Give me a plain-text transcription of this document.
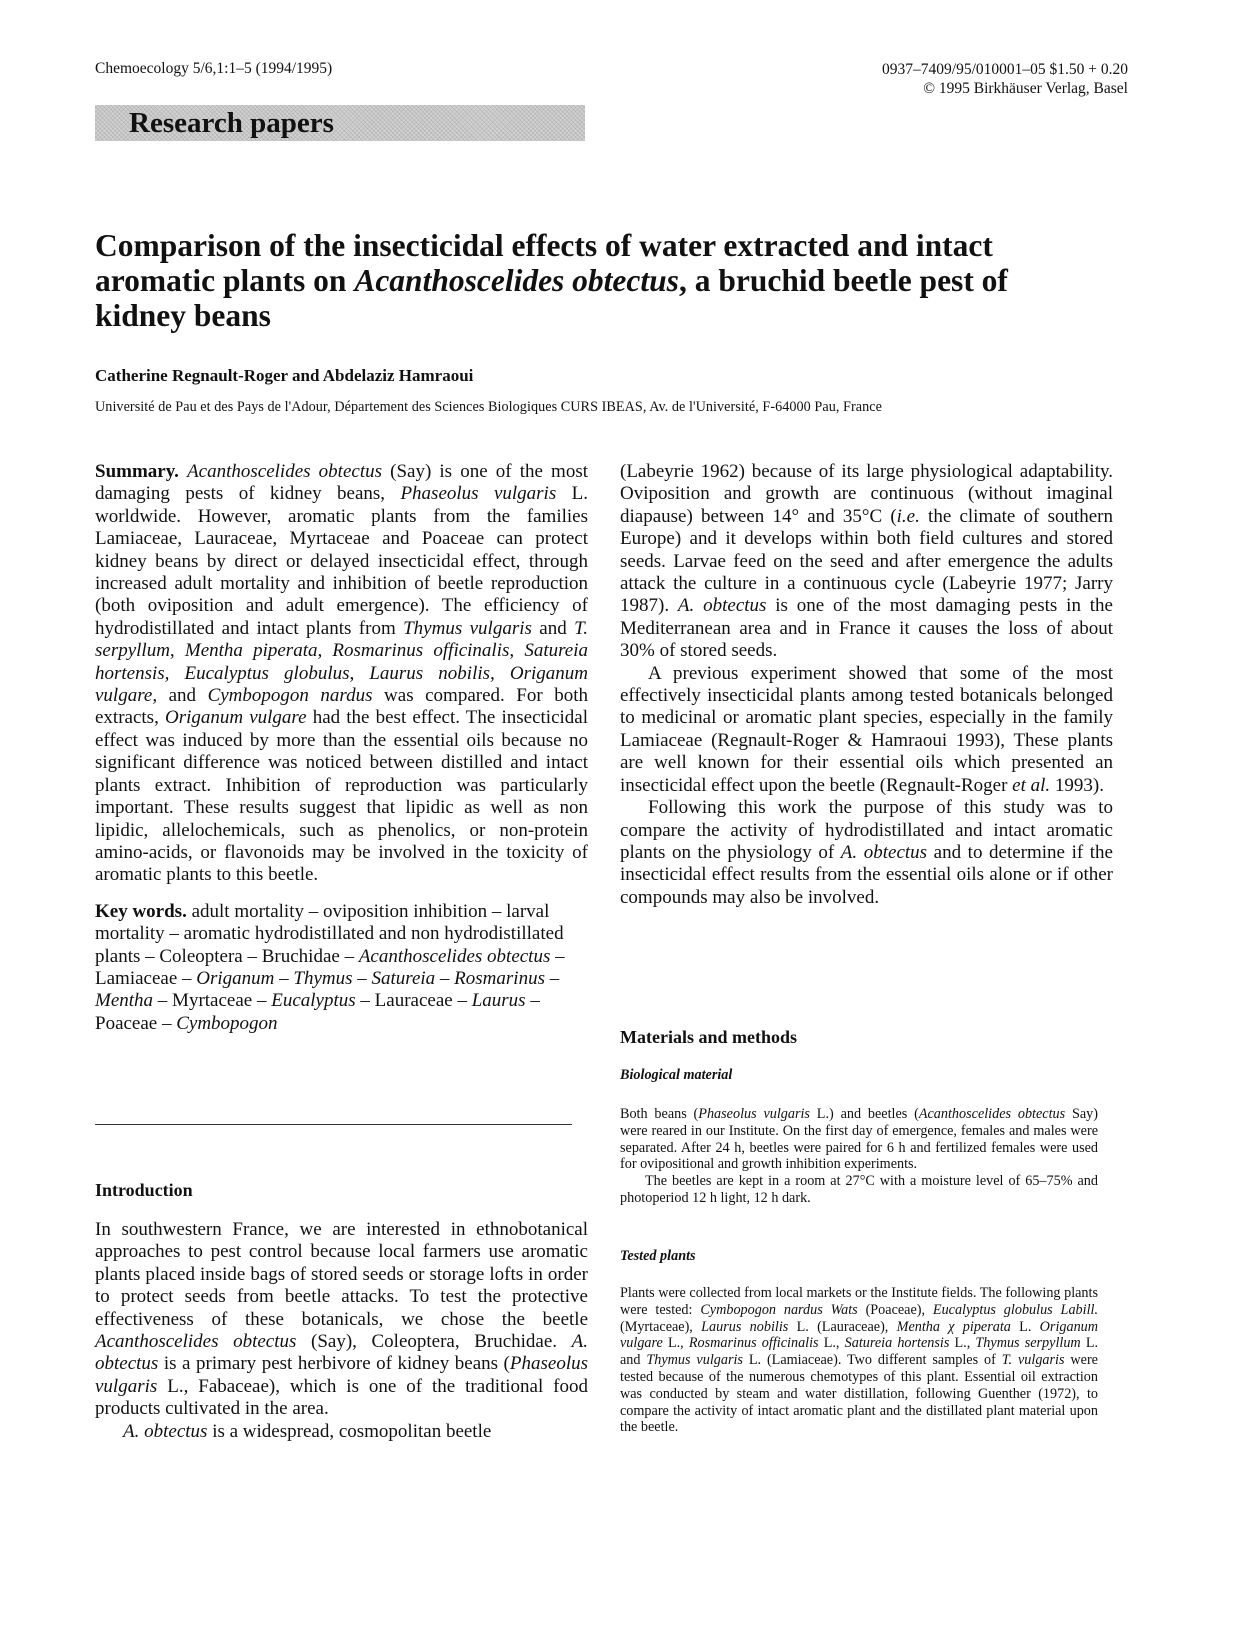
Chemoecology 5/6,1:1–5 (1994/1995)	0937–7409/95/010001–05 $1.50 + 0.20
© 1995 Birkhäuser Verlag, Basel
Research papers
Comparison of the insecticidal effects of water extracted and intact aromatic plants on Acanthoscelides obtectus, a bruchid beetle pest of kidney beans
Catherine Regnault-Roger and Abdelaziz Hamraoui
Université de Pau et des Pays de l'Adour, Département des Sciences Biologiques CURS IBEAS, Av. de l'Université, F-64000 Pau, France

Summary. Acanthoscelides obtectus (Say) is one of the most damaging pests of kidney beans, Phaseolus vulgaris L. worldwide. However, aromatic plants from the families Lamiaceae, Lauraceae, Myrtaceae and Poaceae can protect kidney beans by direct or delayed insecticidal effect, through increased adult mortality and inhibition of beetle reproduction (both oviposition and adult emergence). The efficiency of hydrodistillated and intact plants from Thymus vulgaris and T. serpyllum, Mentha piperata, Rosmarinus officinalis, Satureia hortensis, Eucalyptus globulus, Laurus nobilis, Origanum vulgare, and Cymbopogon nardus was compared. For both extracts, Origanum vulgare had the best effect. The insecticidal effect was induced by more than the essential oils because no significant difference was noticed between distilled and intact plants extract. Inhibition of reproduction was particularly important. These results suggest that lipidic as well as non lipidic, allelochemicals, such as phenolics, or non-protein amino-acids, or flavonoids may be involved in the toxicity of aromatic plants to this beetle.

Key words. adult mortality – oviposition inhibition – larval mortality – aromatic hydrodistillated and non hydrodistillated plants – Coleoptera – Bruchidae – Acanthoscelides obtectus – Lamiaceae – Origanum – Thymus – Satureia – Rosmarinus – Mentha – Myrtaceae – Eucalyptus – Lauraceae – Laurus – Poaceae – Cymbopogon

Introduction

In southwestern France, we are interested in ethnobotanical approaches to pest control because local farmers use aromatic plants placed inside bags of stored seeds or storage lofts in order to protect seeds from beetle attacks. To test the protective effectiveness of these botanicals, we chose the beetle Acanthoscelides obtectus (Say), Coleoptera, Bruchidae. A. obtectus is a primary pest herbivore of kidney beans (Phaseolus vulgaris L., Fabaceae), which is one of the traditional food products cultivated in the area.

A. obtectus is a widespread, cosmopolitan beetle

(Labeyrie 1962) because of its large physiological adaptability. Oviposition and growth are continuous (without imaginal diapause) between 14° and 35°C (i.e. the climate of southern Europe) and it develops within both field cultures and stored seeds. Larvae feed on the seed and after emergence the adults attack the culture in a continuous cycle (Labeyrie 1977; Jarry 1987). A. obtectus is one of the most damaging pests in the Mediterranean area and in France it causes the loss of about 30% of stored seeds.

A previous experiment showed that some of the most effectively insecticidal plants among tested botanicals belonged to medicinal or aromatic plant species, especially in the family Lamiaceae (Regnault-Roger & Hamraoui 1993), These plants are well known for their essential oils which presented an insecticidal effect upon the beetle (Regnault-Roger et al. 1993).

Following this work the purpose of this study was to compare the activity of hydrodistillated and intact aromatic plants on the physiology of A. obtectus and to determine if the insecticidal effect results from the essential oils alone or if other compounds may also be involved.

Materials and methods
Biological material

Both beans (Phaseolus vulgaris L.) and beetles (Acanthoscelides obtectus Say) were reared in our Institute. On the first day of emergence, females and males were separated. After 24 h, beetles were paired for 6 h and fertilized females were used for ovipositional and growth inhibition experiments.

The beetles are kept in a room at 27°C with a moisture level of 65–75% and photoperiod 12 h light, 12 h dark.

Tested plants

Plants were collected from local markets or the Institute fields. The following plants were tested: Cymbopogon nardus Wats (Poaceae), Eucalyptus globulus Labill. (Myrtaceae), Laurus nobilis L. (Lauraceae), Mentha χ piperata L. Origanum vulgare L., Rosmarinus officinalis L., Satureia hortensis L., Thymus serpyllum L. and Thymus vulgaris L. (Lamiaceae). Two different samples of T. vulgaris were tested because of the numerous chemotypes of this plant. Essential oil extraction was conducted by steam and water distillation, following Guenther (1972), to compare the activity of intact aromatic plant and the distillated plant material upon the beetle.
